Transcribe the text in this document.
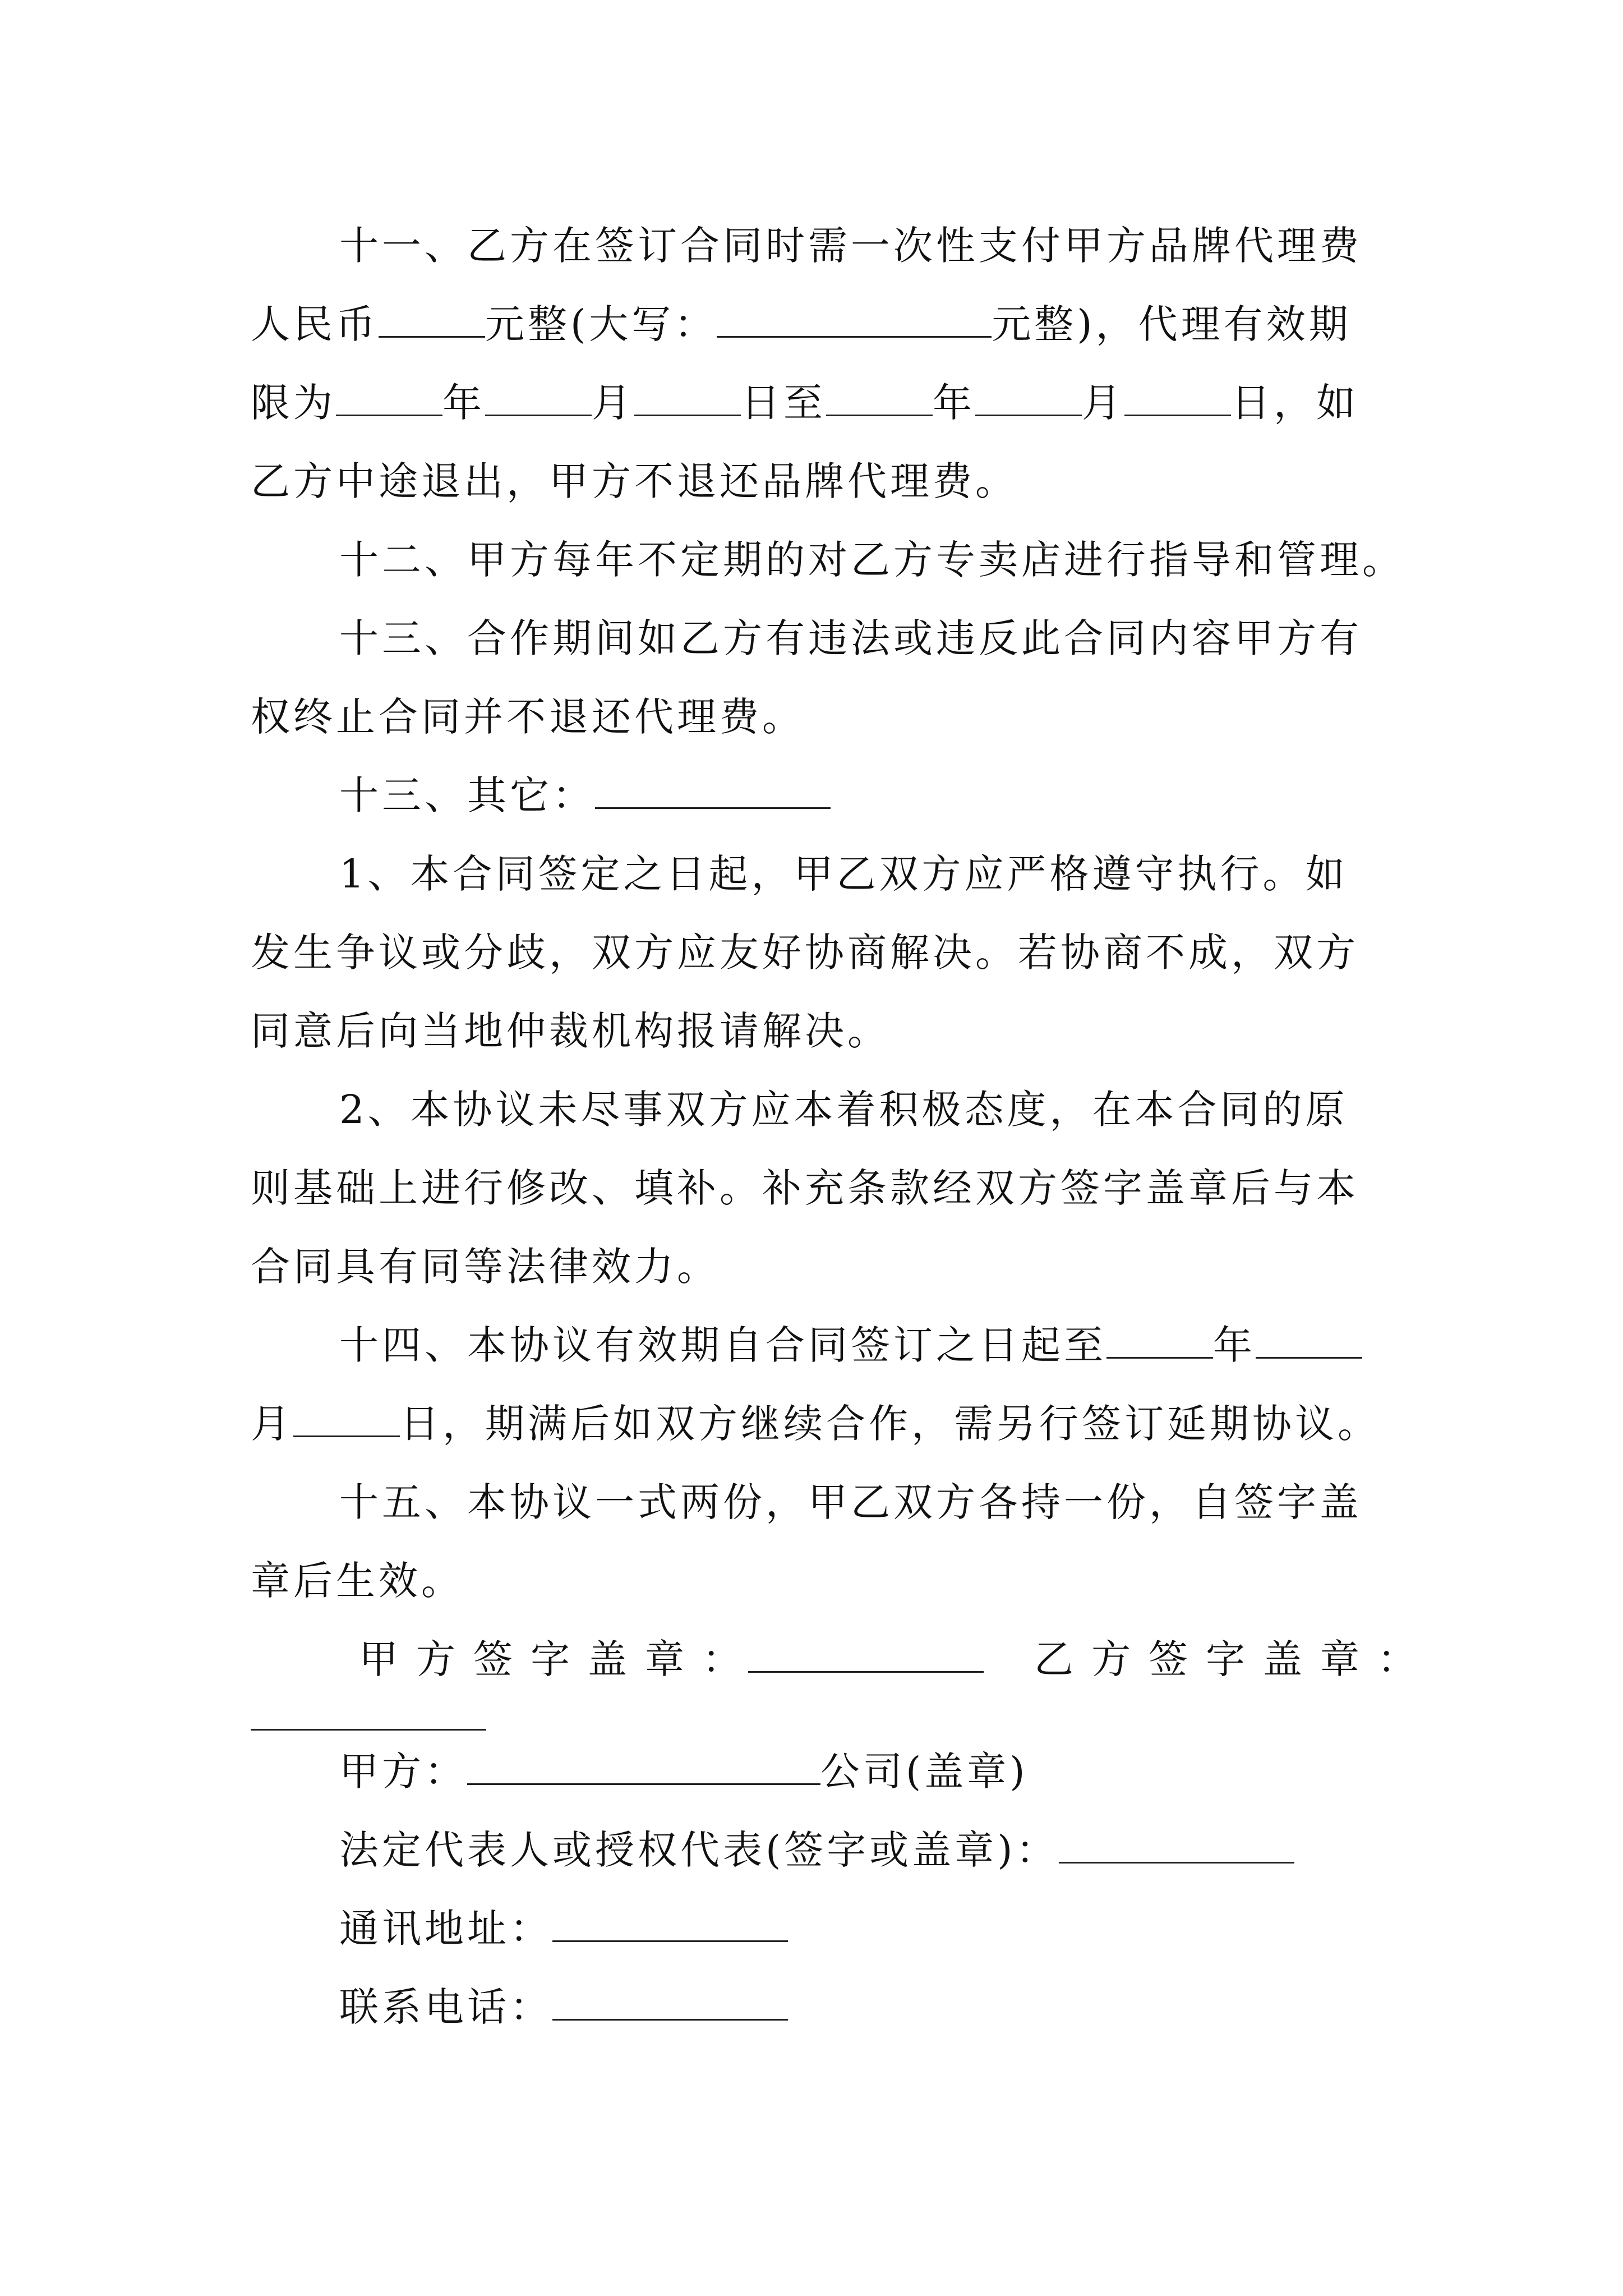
十一、乙方在签订合同时需一次性支付甲方品牌代理费
人民币	元整(大写：	元整)，代理有效期
限为	年	月	日至	年	月	日，如
乙方中途退出，甲方不退还品牌代理费。
十二、甲方每年不定期的对乙方专卖店进行指导和管理。
十三、合作期间如乙方有违法或违反此合同内容甲方有
权终止合同并不退还代理费。
十三、其它：
1、本合同签定之日起，甲乙双方应严格遵守执行。如
发生争议或分歧，双方应友好协商解决。若协商不成，双方
同意后向当地仲裁机构报请解决。
2、本协议未尽事双方应本着积极态度，在本合同的原
则基础上进行修改、填补。补充条款经双方签字盖章后与本
合同具有同等法律效力。
十四、本协议有效期自合同签订之日起至	年
月	日，期满后如双方继续合作，需另行签订延期协议。
十五、本协议一式两份，甲乙双方各持一份，自签字盖
章后生效。
甲方签字盖章：	乙方签字盖章：
甲方：	公司(盖章)
法定代表人或授权代表(签字或盖章)：
通讯地址：
联系电话：
